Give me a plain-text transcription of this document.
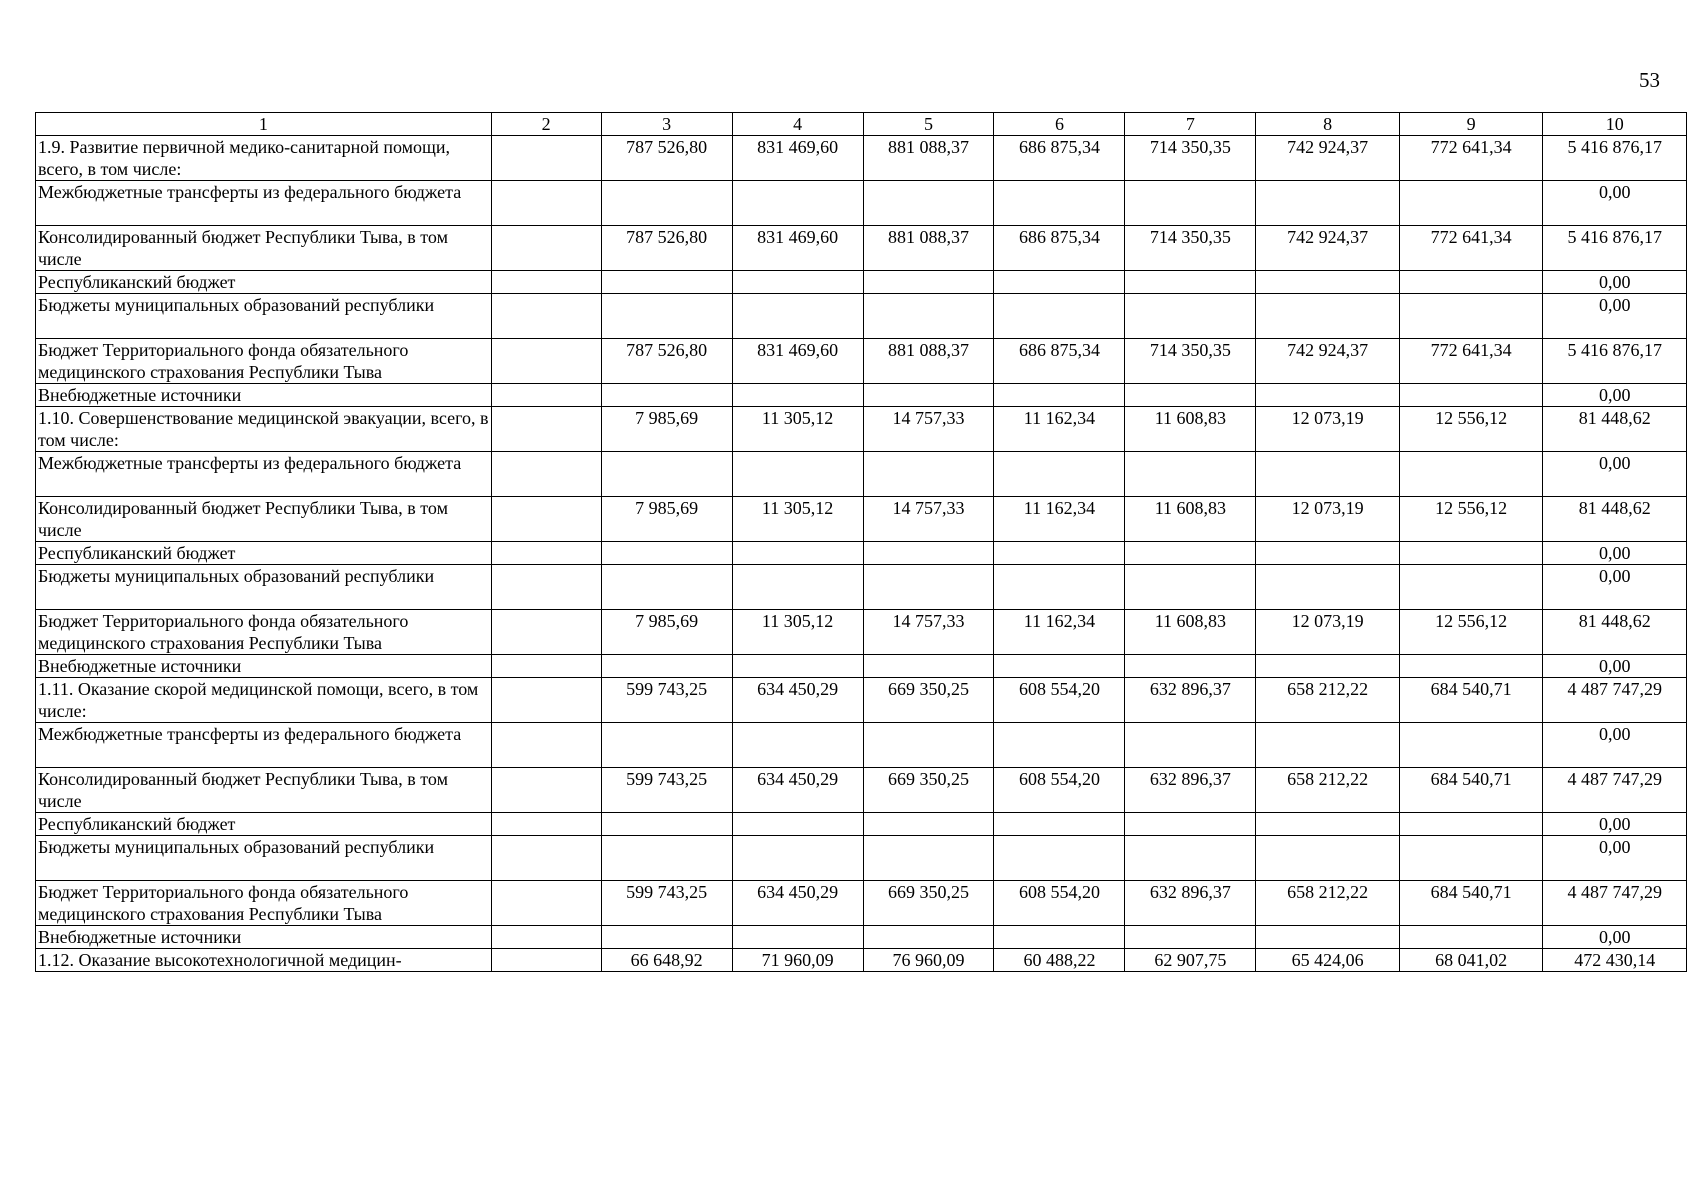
53
1	2	3	4	5	6	7	8	9	10
1.9. Развитие первичной медико-санитарной помощи, всего, в том числе:		787 526,80	831 469,60	881 088,37	686 875,34	714 350,35	742 924,37	772 641,34	5 416 876,17
Межбюджетные трансферты из федерального бюджета									0,00
Консолидированный бюджет Республики Тыва, в том числе		787 526,80	831 469,60	881 088,37	686 875,34	714 350,35	742 924,37	772 641,34	5 416 876,17
Республиканский бюджет									0,00
Бюджеты муниципальных образований республики									0,00
Бюджет Территориального фонда обязательного медицинского страхования Республики Тыва		787 526,80	831 469,60	881 088,37	686 875,34	714 350,35	742 924,37	772 641,34	5 416 876,17
Внебюджетные источники									0,00
1.10. Совершенствование медицинской эвакуации, всего, в том числе:		7 985,69	11 305,12	14 757,33	11 162,34	11 608,83	12 073,19	12 556,12	81 448,62
Межбюджетные трансферты из федерального бюджета									0,00
Консолидированный бюджет Республики Тыва, в том числе		7 985,69	11 305,12	14 757,33	11 162,34	11 608,83	12 073,19	12 556,12	81 448,62
Республиканский бюджет									0,00
Бюджеты муниципальных образований республики									0,00
Бюджет Территориального фонда обязательного медицинского страхования Республики Тыва		7 985,69	11 305,12	14 757,33	11 162,34	11 608,83	12 073,19	12 556,12	81 448,62
Внебюджетные источники									0,00
1.11. Оказание скорой медицинской помощи, всего, в том числе:		599 743,25	634 450,29	669 350,25	608 554,20	632 896,37	658 212,22	684 540,71	4 487 747,29
Межбюджетные трансферты из федерального бюджета									0,00
Консолидированный бюджет Республики Тыва, в том числе		599 743,25	634 450,29	669 350,25	608 554,20	632 896,37	658 212,22	684 540,71	4 487 747,29
Республиканский бюджет									0,00
Бюджеты муниципальных образований республики									0,00
Бюджет Территориального фонда обязательного медицинского страхования Республики Тыва		599 743,25	634 450,29	669 350,25	608 554,20	632 896,37	658 212,22	684 540,71	4 487 747,29
Внебюджетные источники									0,00
1.12. Оказание высокотехнологичной медицин-		66 648,92	71 960,09	76 960,09	60 488,22	62 907,75	65 424,06	68 041,02	472 430,14
